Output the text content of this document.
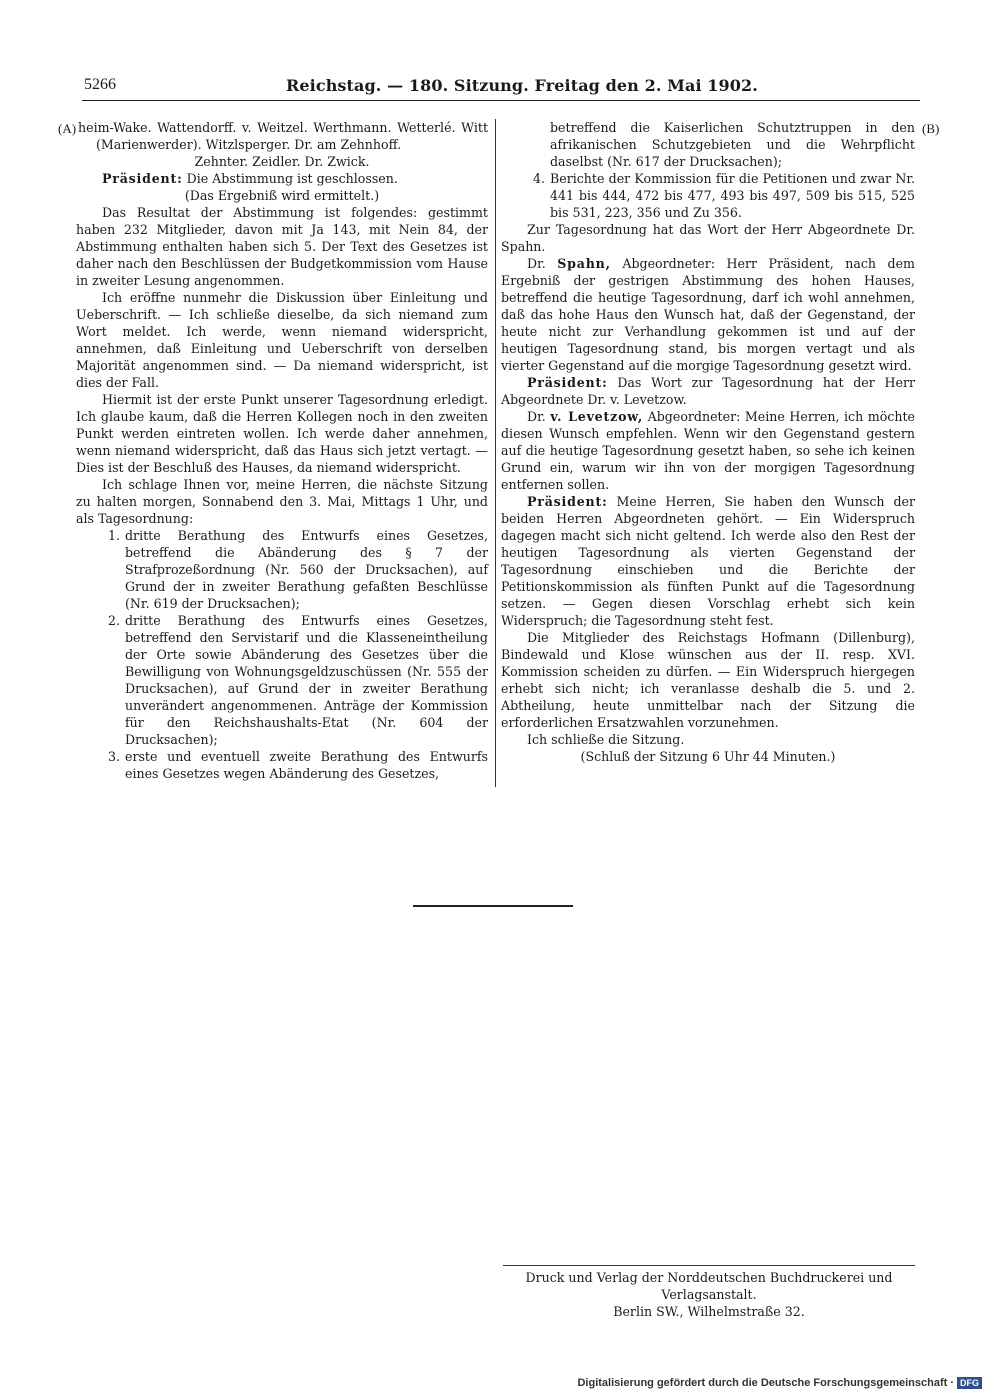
5266	Reichstag. — 180. Sitzung. Freitag den 2. Mai 1902.
(A)	(B)

heim-Wake. Wattendorff. v. Weitzel. Werthmann. Wetterlé. Witt (Marienwerder). Witzlsperger. Dr. am Zehnhoff.

Zehnter. Zeidler. Dr. Zwick.

Präsident: Die Abstimmung ist geschlossen.

(Das Ergebniß wird ermittelt.)

Das Resultat der Abstimmung ist folgendes: gestimmt haben 232 Mitglieder, davon mit Ja 143, mit Nein 84, der Abstimmung enthalten haben sich 5. Der Text des Gesetzes ist daher nach den Beschlüssen der Budgetkommission vom Hause in zweiter Lesung angenommen.

Ich eröffne nunmehr die Diskussion über Einleitung und Ueberschrift. — Ich schließe dieselbe, da sich niemand zum Wort meldet. Ich werde, wenn niemand widerspricht, annehmen, daß Einleitung und Ueberschrift von derselben Majorität angenommen sind. — Da niemand widerspricht, ist dies der Fall.

Hiermit ist der erste Punkt unserer Tagesordnung erledigt. Ich glaube kaum, daß die Herren Kollegen noch in den zweiten Punkt werden eintreten wollen. Ich werde daher annehmen, wenn niemand widerspricht, daß das Haus sich jetzt vertagt. — Dies ist der Beschluß des Hauses, da niemand widerspricht.

Ich schlage Ihnen vor, meine Herren, die nächste Sitzung zu halten morgen, Sonnabend den 3. Mai, Mittags 1 Uhr, und als Tagesordnung:

1. dritte Berathung des Entwurfs eines Gesetzes, betreffend die Abänderung des § 7 der Strafprozeßordnung (Nr. 560 der Drucksachen), auf Grund der in zweiter Berathung gefaßten Beschlüsse (Nr. 619 der Drucksachen);
2. dritte Berathung des Entwurfs eines Gesetzes, betreffend den Servistarif und die Klasseneintheilung der Orte sowie Abänderung des Gesetzes über die Bewilligung von Wohnungsgeldzuschüssen (Nr. 555 der Drucksachen), auf Grund der in zweiter Berathung unverändert angenommenen. Anträge der Kommission für den Reichshaushalts-Etat (Nr. 604 der Drucksachen);
3. erste und eventuell zweite Berathung des Entwurfs eines Gesetzes wegen Abänderung des Gesetzes,
betreffend die Kaiserlichen Schutztruppen in den afrikanischen Schutzgebieten und die Wehrpflicht daselbst (Nr. 617 der Drucksachen);
4. Berichte der Kommission für die Petitionen und zwar Nr. 441 bis 444, 472 bis 477, 493 bis 497, 509 bis 515, 525 bis 531, 223, 356 und Zu 356.

Zur Tagesordnung hat das Wort der Herr Abgeordnete Dr. Spahn.

Dr. Spahn, Abgeordneter: Herr Präsident, nach dem Ergebniß der gestrigen Abstimmung des hohen Hauses, betreffend die heutige Tagesordnung, darf ich wohl annehmen, daß das hohe Haus den Wunsch hat, daß der Gegenstand, der heute nicht zur Verhandlung gekommen ist und auf der heutigen Tagesordnung stand, bis morgen vertagt und als vierter Gegenstand auf die morgige Tagesordnung gesetzt wird.

Präsident: Das Wort zur Tagesordnung hat der Herr Abgeordnete Dr. v. Levetzow.

Dr. v. Levetzow, Abgeordneter: Meine Herren, ich möchte diesen Wunsch empfehlen. Wenn wir den Gegenstand gestern auf die heutige Tagesordnung gesetzt haben, so sehe ich keinen Grund ein, warum wir ihn von der morgigen Tagesordnung entfernen sollen.

Präsident: Meine Herren, Sie haben den Wunsch der beiden Herren Abgeordneten gehört. — Ein Widerspruch dagegen macht sich nicht geltend. Ich werde also den Rest der heutigen Tagesordnung als vierten Gegenstand der Tagesordnung einschieben und die Berichte der Petitionskommission als fünften Punkt auf die Tagesordnung setzen. — Gegen diesen Vorschlag erhebt sich kein Widerspruch; die Tagesordnung steht fest.

Die Mitglieder des Reichstags Hofmann (Dillenburg), Bindewald und Klose wünschen aus der II. resp. XVI. Kommission scheiden zu dürfen. — Ein Widerspruch hiergegen erhebt sich nicht; ich veranlasse deshalb die 5. und 2. Abtheilung, heute unmittelbar nach der Sitzung die erforderlichen Ersatzwahlen vorzunehmen.

Ich schließe die Sitzung.

(Schluß der Sitzung 6 Uhr 44 Minuten.)

Druck und Verlag der Norddeutschen Buchdruckerei und Verlagsanstalt.
Berlin SW., Wilhelmstraße 32.
Digitalisierung gefördert durch die Deutsche Forschungsgemeinschaft · DFG
